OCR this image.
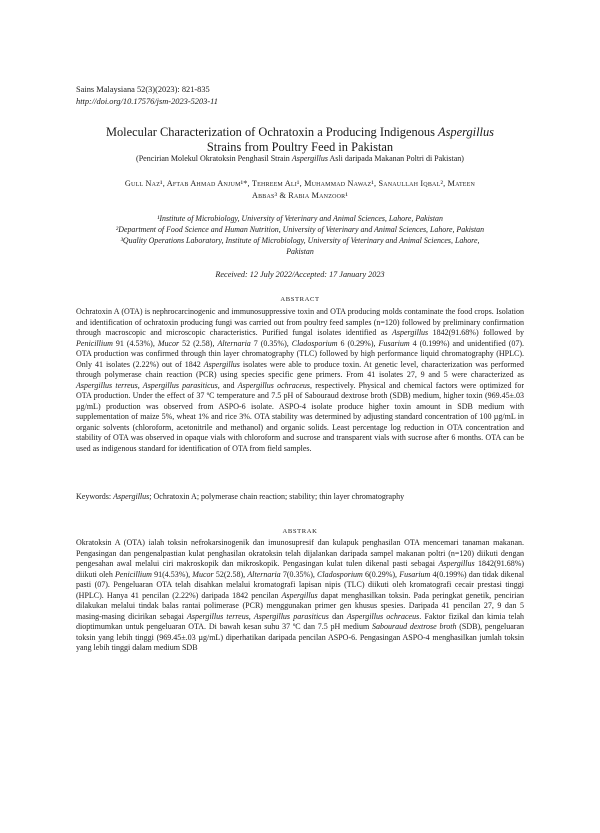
Sains Malaysiana 52(3)(2023): 821-835
http://doi.org/10.17576/jsm-2023-5203-11
Molecular Characterization of Ochratoxin a Producing Indigenous Aspergillus
Strains from Poultry Feed in Pakistan
(Pencirian Molekul Okratoksin Penghasil Strain Aspergillus Asli daripada Makanan Poltri di Pakistan)
Gull Naz¹, Aftab Ahmad Anjum¹*, Tehreem Ali¹, Muhammad Nawaz¹, Sanaullah Iqbal², Mateen
Abbas³ & Rabia Manzoor¹
¹Institute of Microbiology, University of Veterinary and Animal Sciences, Lahore, Pakistan
²Department of Food Science and Human Nutrition, University of Veterinary and Animal Sciences, Lahore, Pakistan
³Quality Operations Laboratory, Institute of Microbiology, University of Veterinary and Animal Sciences, Lahore,
Pakistan
Received: 12 July 2022/Accepted: 17 January 2023
ABSTRACT

Ochratoxin A (OTA) is nephrocarcinogenic and immunosuppressive toxin and OTA producing molds contaminate the food crops. Isolation and identification of ochratoxin producing fungi was carried out from poultry feed samples (n=120) followed by preliminary confirmation through macroscopic and microscopic characteristics. Purified fungal isolates identified as Aspergillus 1842(91.68%) followed by Penicillium 91 (4.53%), Mucor 52 (2.58), Alternaria 7 (0.35%), Cladosporium 6 (0.29%), Fusarium 4 (0.199%) and unidentified (07). OTA production was confirmed through thin layer chromatography (TLC) followed by high performance liquid chromatography (HPLC). Only 41 isolates (2.22%) out of 1842 Aspergillus isolates were able to produce toxin. At genetic level, characterization was performed through polymerase chain reaction (PCR) using species specific gene primers. From 41 isolates 27, 9 and 5 were characterized as Aspergillus terreus, Aspergillus parasiticus, and Aspergillus ochraceus, respectively. Physical and chemical factors were optimized for OTA production. Under the effect of 37 ºC temperature and 7.5 pH of Sabouraud dextrose broth (SDB) medium, higher toxin (969.45±.03 µg/mL) production was observed from ASPO-6 isolate. ASPO-4 isolate produce higher toxin amount in SDB medium with supplementation of maize 5%, wheat 1% and rice 3%. OTA stability was determined by adjusting standard concentration of 100 µg/mL in organic solvents (chloroform, acetonitrile and methanol) and organic solids. Least percentage log reduction in OTA concentration and stability of OTA was observed in opaque vials with chloroform and sucrose and transparent vials with sucrose after 6 months. OTA can be used as indigenous standard for identification of OTA from field samples.

Keywords: Aspergillus; Ochratoxin A; polymerase chain reaction; stability; thin layer chromatography

ABSTRAK

Okratoksin A (OTA) ialah toksin nefrokarsinogenik dan imunosupresif dan kulapuk penghasilan OTA mencemari tanaman makanan. Pengasingan dan pengenalpastian kulat penghasilan okratoksin telah dijalankan daripada sampel makanan poltri (n=120) diikuti dengan pengesahan awal melalui ciri makroskopik dan mikroskopik. Pengasingan kulat tulen dikenal pasti sebagai Aspergillus 1842(91.68%) diikuti oleh Penicillium 91(4.53%), Mucor 52(2.58), Alternaria 7(0.35%), Cladosporium 6(0.29%), Fusarium 4(0.199%) dan tidak dikenal pasti (07). Pengeluaran OTA telah disahkan melalui kromatografi lapisan nipis (TLC) diikuti oleh kromatografi cecair prestasi tinggi (HPLC). Hanya 41 pencilan (2.22%) daripada 1842 pencilan Aspergillus dapat menghasilkan toksin. Pada peringkat genetik, pencirian dilakukan melalui tindak balas rantai polimerase (PCR) menggunakan primer gen khusus spesies. Daripada 41 pencilan 27, 9 dan 5 masing-masing dicirikan sebagai Aspergillus terreus, Aspergillus parasiticus dan Aspergillus ochraceus. Faktor fizikal dan kimia telah dioptimumkan untuk pengeluaran OTA. Di bawah kesan suhu 37 ºC dan 7.5 pH medium Sabouraud dextrose broth (SDB), pengeluaran toksin yang lebih tinggi (969.45±.03 µg/mL) diperhatikan daripada pencilan ASPO-6. Pengasingan ASPO-4 menghasilkan jumlah toksin yang lebih tinggi dalam medium SDB
